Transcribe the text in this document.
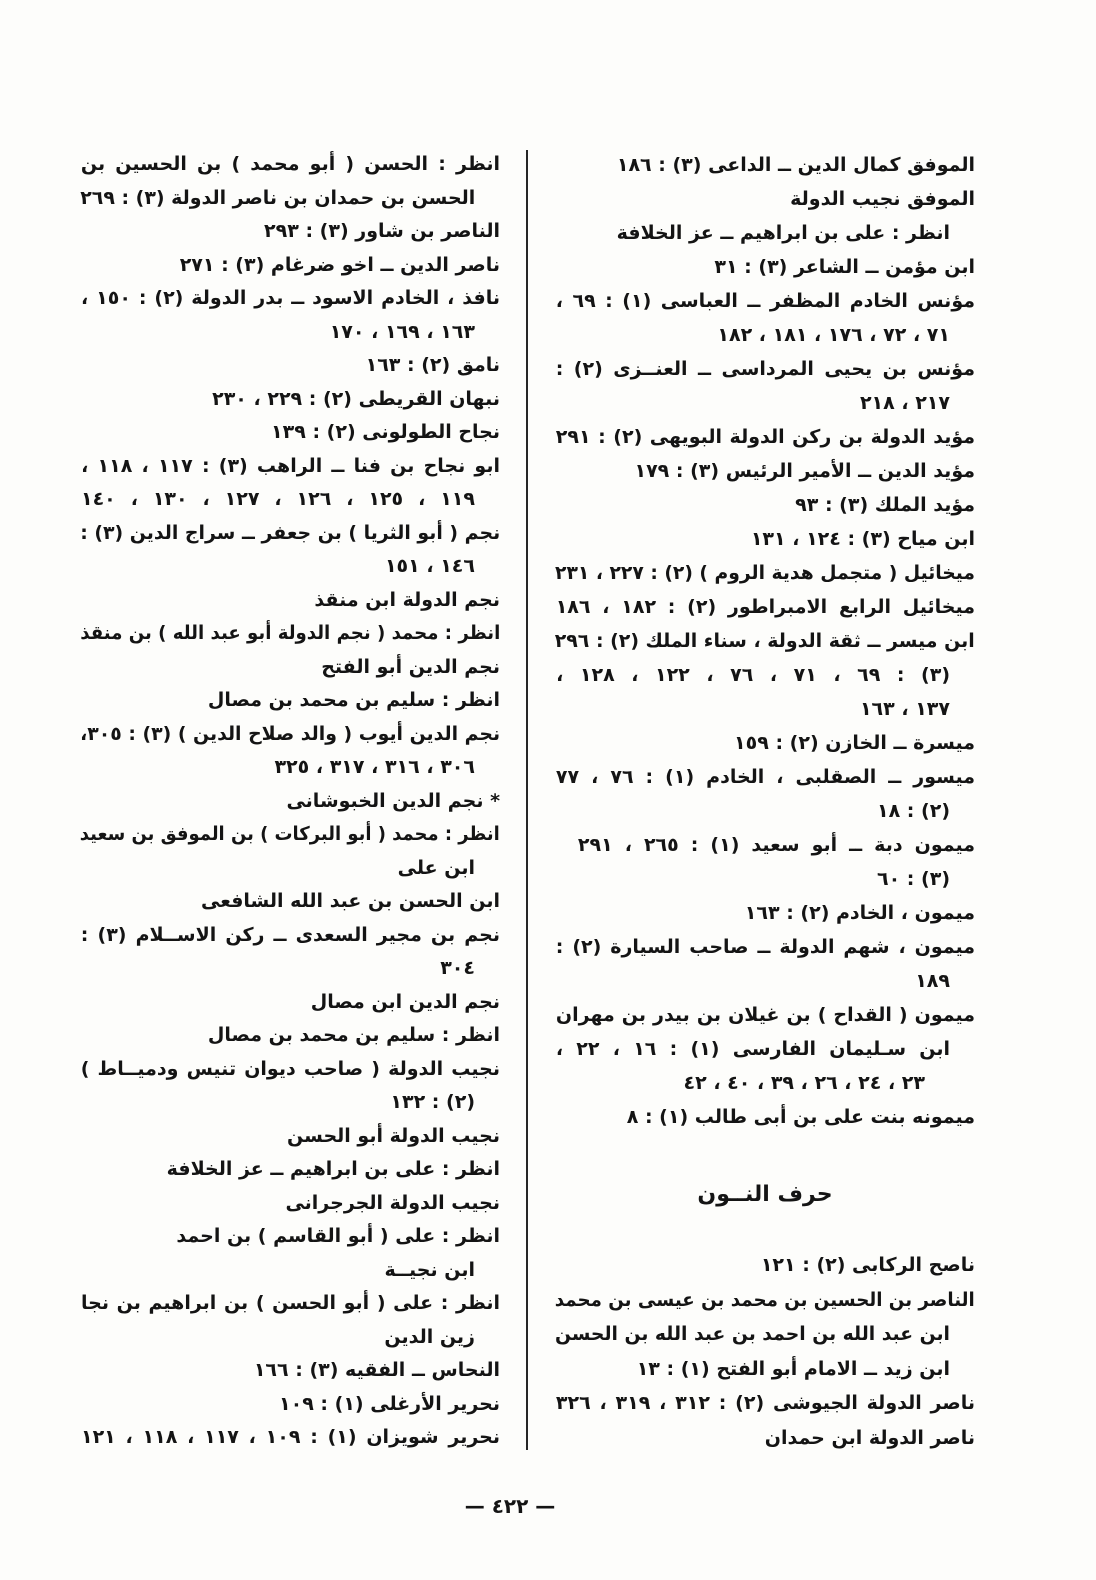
الموفق كمال الدين ــ الداعى (٣) : ١٨٦
الموفق نجيب الدولة
انظر : على بن ابراهيم ــ عز الخلافة
ابن مؤمن ــ الشاعر (٣) : ٣١
مؤنس الخادم المظفر ــ العباسى (١) : ٦٩ ،
٧١ ، ٧٢ ، ١٧٦ ، ١٨١ ، ١٨٢
مؤنس بن يحيى المرداسى ــ العنــزى (٢) :
٢١٧ ، ٢١٨
مؤيد الدولة بن ركن الدولة البويهى (٢) : ٢٩١
مؤيد الدين ــ الأمير الرئيس (٣) : ١٧٩
مؤيد الملك (٣) : ٩٣
ابن مياح (٣) : ١٢٤ ، ١٣١
ميخائيل ( متجمل هدية الروم ) (٢) : ٢٢٧ ، ٢٣١
ميخائيل الرابع الامبراطور (٢) : ١٨٢ ، ١٨٦
ابن ميسر ــ ثقة الدولة ، سناء الملك (٢) : ٢٩٦
(٣) : ٦٩ ، ٧١ ، ٧٦ ، ١٢٢ ، ١٢٨ ،
١٣٧ ، ١٦٣
ميسرة ــ الخازن (٢) : ١٥٩
ميسور ــ الصقلبى ، الخادم (١) : ٧٦ ، ٧٧
(٢) : ١٨
ميمون دبة ــ أبو سعيد (١) : ٢٦٥ ، ٢٩١
(٣) : ٦٠
ميمون ، الخادم (٢) : ١٦٣
ميمون ، شهم الدولة ــ صاحب السيارة (٢) :
١٨٩
ميمون ( القداح ) بن غيلان بن بيدر بن مهران
ابن سـليمان الفارسى (١) : ١٦ ، ٢٢ ،
٢٣ ، ٢٤ ، ٢٦ ، ٣٩ ، ٤٠ ، ٤٢
ميمونه بنت على بن أبى طالب (١) : ٨
حرف النــون
ناصح الركابى (٢) : ١٢١
الناصر بن الحسين بن محمد بن عيسى بن محمد
ابن عبد الله بن احمد بن عبد الله بن الحسن
ابن زيد ــ الامام أبو الفتح (١) : ١٣
ناصر الدولة الجيوشى (٢) : ٣١٢ ، ٣١٩ ، ٣٢٦
ناصر الدولة ابن حمدان
انظر : الحسن ( أبو محمد ) بن الحسين بن
الحسن بن حمدان بن ناصر الدولة (٣) : ٢٦٩
الناصر بن شاور (٣) : ٢٩٣
ناصر الدين ــ اخو ضرغام (٣) : ٢٧١
نافذ ، الخادم الاسود ــ بدر الدولة (٢) : ١٥٠ ،
١٦٣ ، ١٦٩ ، ١٧٠
نامق (٢) : ١٦٣
نبهان القريطى (٢) : ٢٢٩ ، ٢٣٠
نجاح الطولونى (٢) : ١٣٩
ابو نجاح بن فنا ــ الراهب (٣) : ١١٧ ، ١١٨ ،
١١٩ ، ١٢٥ ، ١٢٦ ، ١٢٧ ، ١٣٠ ، ١٤٠
نجم ( أبو الثريا ) بن جعفر ــ سراج الدين (٣) :
١٤٦ ، ١٥١
نجم الدولة ابن منقذ
انظر : محمد ( نجم الدولة أبو عبد الله ) بن منقذ
نجم الدين أبو الفتح
انظر : سليم بن محمد بن مصال
نجم الدين أيوب ( والد صلاح الدين ) (٣) : ٣٠٥،
٣٠٦ ، ٣١٦ ، ٣١٧ ، ٣٢٥
* نجم الدين الخبوشانى
انظر : محمد ( أبو البركات ) بن الموفق بن سعيد
ابن على
ابن الحسن بن عبد الله الشافعى
نجم بن مجير السعدى ــ ركن الاســلام (٣) :
٣٠٤
نجم الدين ابن مصال
انظر : سليم بن محمد بن مصال
نجيب الدولة ( صاحب ديوان تنيس ودميــاط )
(٢) : ١٣٢
نجيب الدولة أبو الحسن
انظر : على بن ابراهيم ــ عز الخلافة
نجيب الدولة الجرجرانى
انظر : على ( أبو القاسم ) بن احمد
ابن نجيــة
انظر : على ( أبو الحسن ) بن ابراهيم بن نجا
زين الدين
النحاس ــ الفقيه (٣) : ١٦٦
نحرير الأرغلى (١) : ١٠٩
نحرير شويزان (١) : ١٠٩ ، ١١٧ ، ١١٨ ، ١٢١
— ٤٢٢ —
